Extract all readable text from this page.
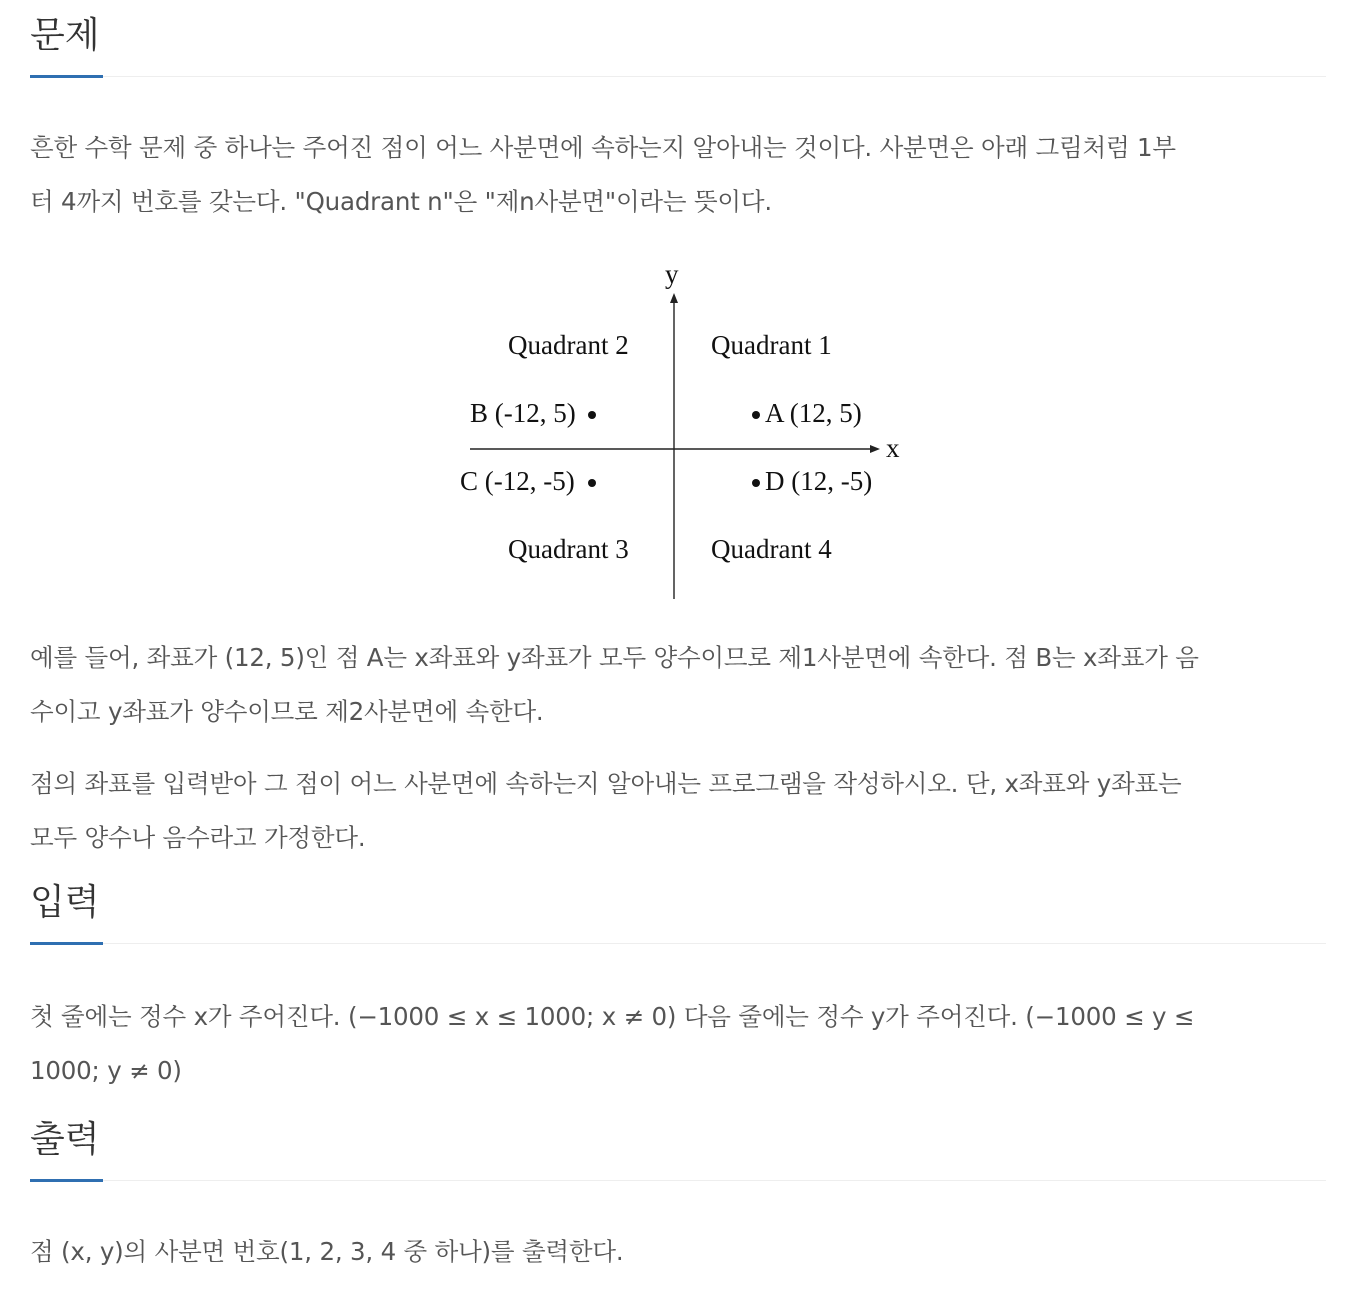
문제

흔한 수학 문제 중 하나는 주어진 점이 어느 사분면에 속하는지 알아내는 것이다. 사분면은 아래 그림처럼 1부

터 4까지 번호를 갖는다. "Quadrant n"은 "제n사분면"이라는 뜻이다.

y
x
Quadrant 2	Quadrant 1
Quadrant 3	Quadrant 4
B (-12, 5)	A (12, 5)
C (-12, -5)	D (12, -5)

예를 들어, 좌표가 (12, 5)인 점 A는 x좌표와 y좌표가 모두 양수이므로 제1사분면에 속한다. 점 B는 x좌표가 음

수이고 y좌표가 양수이므로 제2사분면에 속한다.

점의 좌표를 입력받아 그 점이 어느 사분면에 속하는지 알아내는 프로그램을 작성하시오. 단, x좌표와 y좌표는

모두 양수나 음수라고 가정한다.

입력

첫 줄에는 정수 x가 주어진다. (−1000 ≤ x ≤ 1000; x ≠ 0) 다음 줄에는 정수 y가 주어진다. (−1000 ≤ y ≤

1000; y ≠ 0)

출력

점 (x, y)의 사분면 번호(1, 2, 3, 4 중 하나)를 출력한다.
